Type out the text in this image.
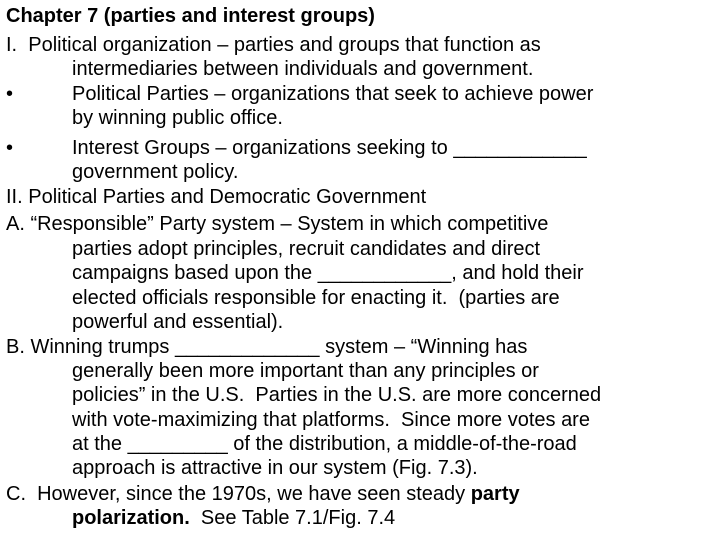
Chapter 7 (parties and interest groups)
I.  Political organization – parties and groups that function as
intermediaries between individuals and government.
•	Political Parties – organizations that seek to achieve power
by winning public office.
•	Interest Groups – organizations seeking to ____________
government policy.
II. Political Parties and Democratic Government
A. “Responsible” Party system – System in which competitive
parties adopt principles, recruit candidates and direct
campaigns based upon the ____________, and hold their
elected officials responsible for enacting it.  (parties are
powerful and essential).
B. Winning trumps _____________ system – “Winning has
generally been more important than any principles or
policies” in the U.S.  Parties in the U.S. are more concerned
with vote-maximizing that platforms.  Since more votes are
at the _________ of the distribution, a middle-of-the-road
approach is attractive in our system (Fig. 7.3).
C.  However, since the 1970s, we have seen steady party
polarization.  See Table 7.1/Fig. 7.4
